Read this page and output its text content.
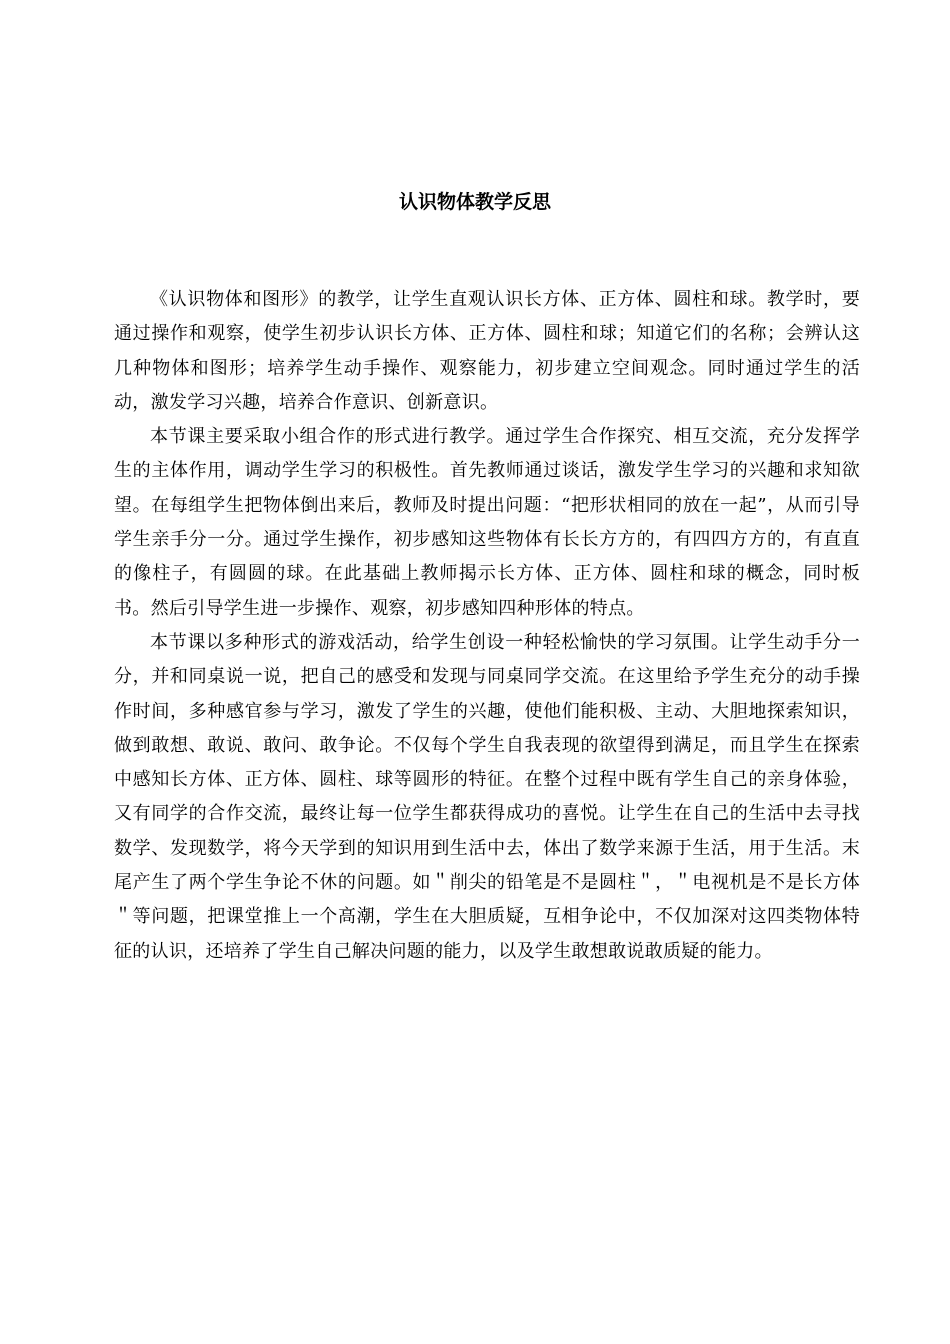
认识物体教学反思

《认识物体和图形》的教学，让学生直观认识长方体、正方体、圆柱和球。教学时，要通过操作和观察，使学生初步认识长方体、正方体、圆柱和球；知道它们的名称；会辨认这几种物体和图形；培养学生动手操作、观察能力，初步建立空间观念。同时通过学生的活动，激发学习兴趣，培养合作意识、创新意识。

本节课主要采取小组合作的形式进行教学。通过学生合作探究、相互交流，充分发挥学生的主体作用，调动学生学习的积极性。首先教师通过谈话，激发学生学习的兴趣和求知欲望。在每组学生把物体倒出来后，教师及时提出问题：“把形状相同的放在一起”，从而引导学生亲手分一分。通过学生操作，初步感知这些物体有长长方方的，有四四方方的，有直直的像柱子，有圆圆的球。在此基础上教师揭示长方体、正方体、圆柱和球的概念，同时板书。然后引导学生进一步操作、观察，初步感知四种形体的特点。

本节课以多种形式的游戏活动，给学生创设一种轻松愉快的学习氛围。让学生动手分一分，并和同桌说一说，把自己的感受和发现与同桌同学交流。在这里给予学生充分的动手操作时间，多种感官参与学习，激发了学生的兴趣，使他们能积极、主动、大胆地探索知识，做到敢想、敢说、敢问、敢争论。不仅每个学生自我表现的欲望得到满足，而且学生在探索中感知长方体、正方体、圆柱、球等圆形的特征。在整个过程中既有学生自己的亲身体验，又有同学的合作交流，最终让每一位学生都获得成功的喜悦。让学生在自己的生活中去寻找数学、发现数学，将今天学到的知识用到生活中去，体出了数学来源于生活，用于生活。末尾产生了两个学生争论不休的问题。如＂削尖的铅笔是不是圆柱＂，＂电视机是不是长方体＂等问题，把课堂推上一个高潮，学生在大胆质疑，互相争论中，不仅加深对这四类物体特征的认识，还培养了学生自己解决问题的能力，以及学生敢想敢说敢质疑的能力。
